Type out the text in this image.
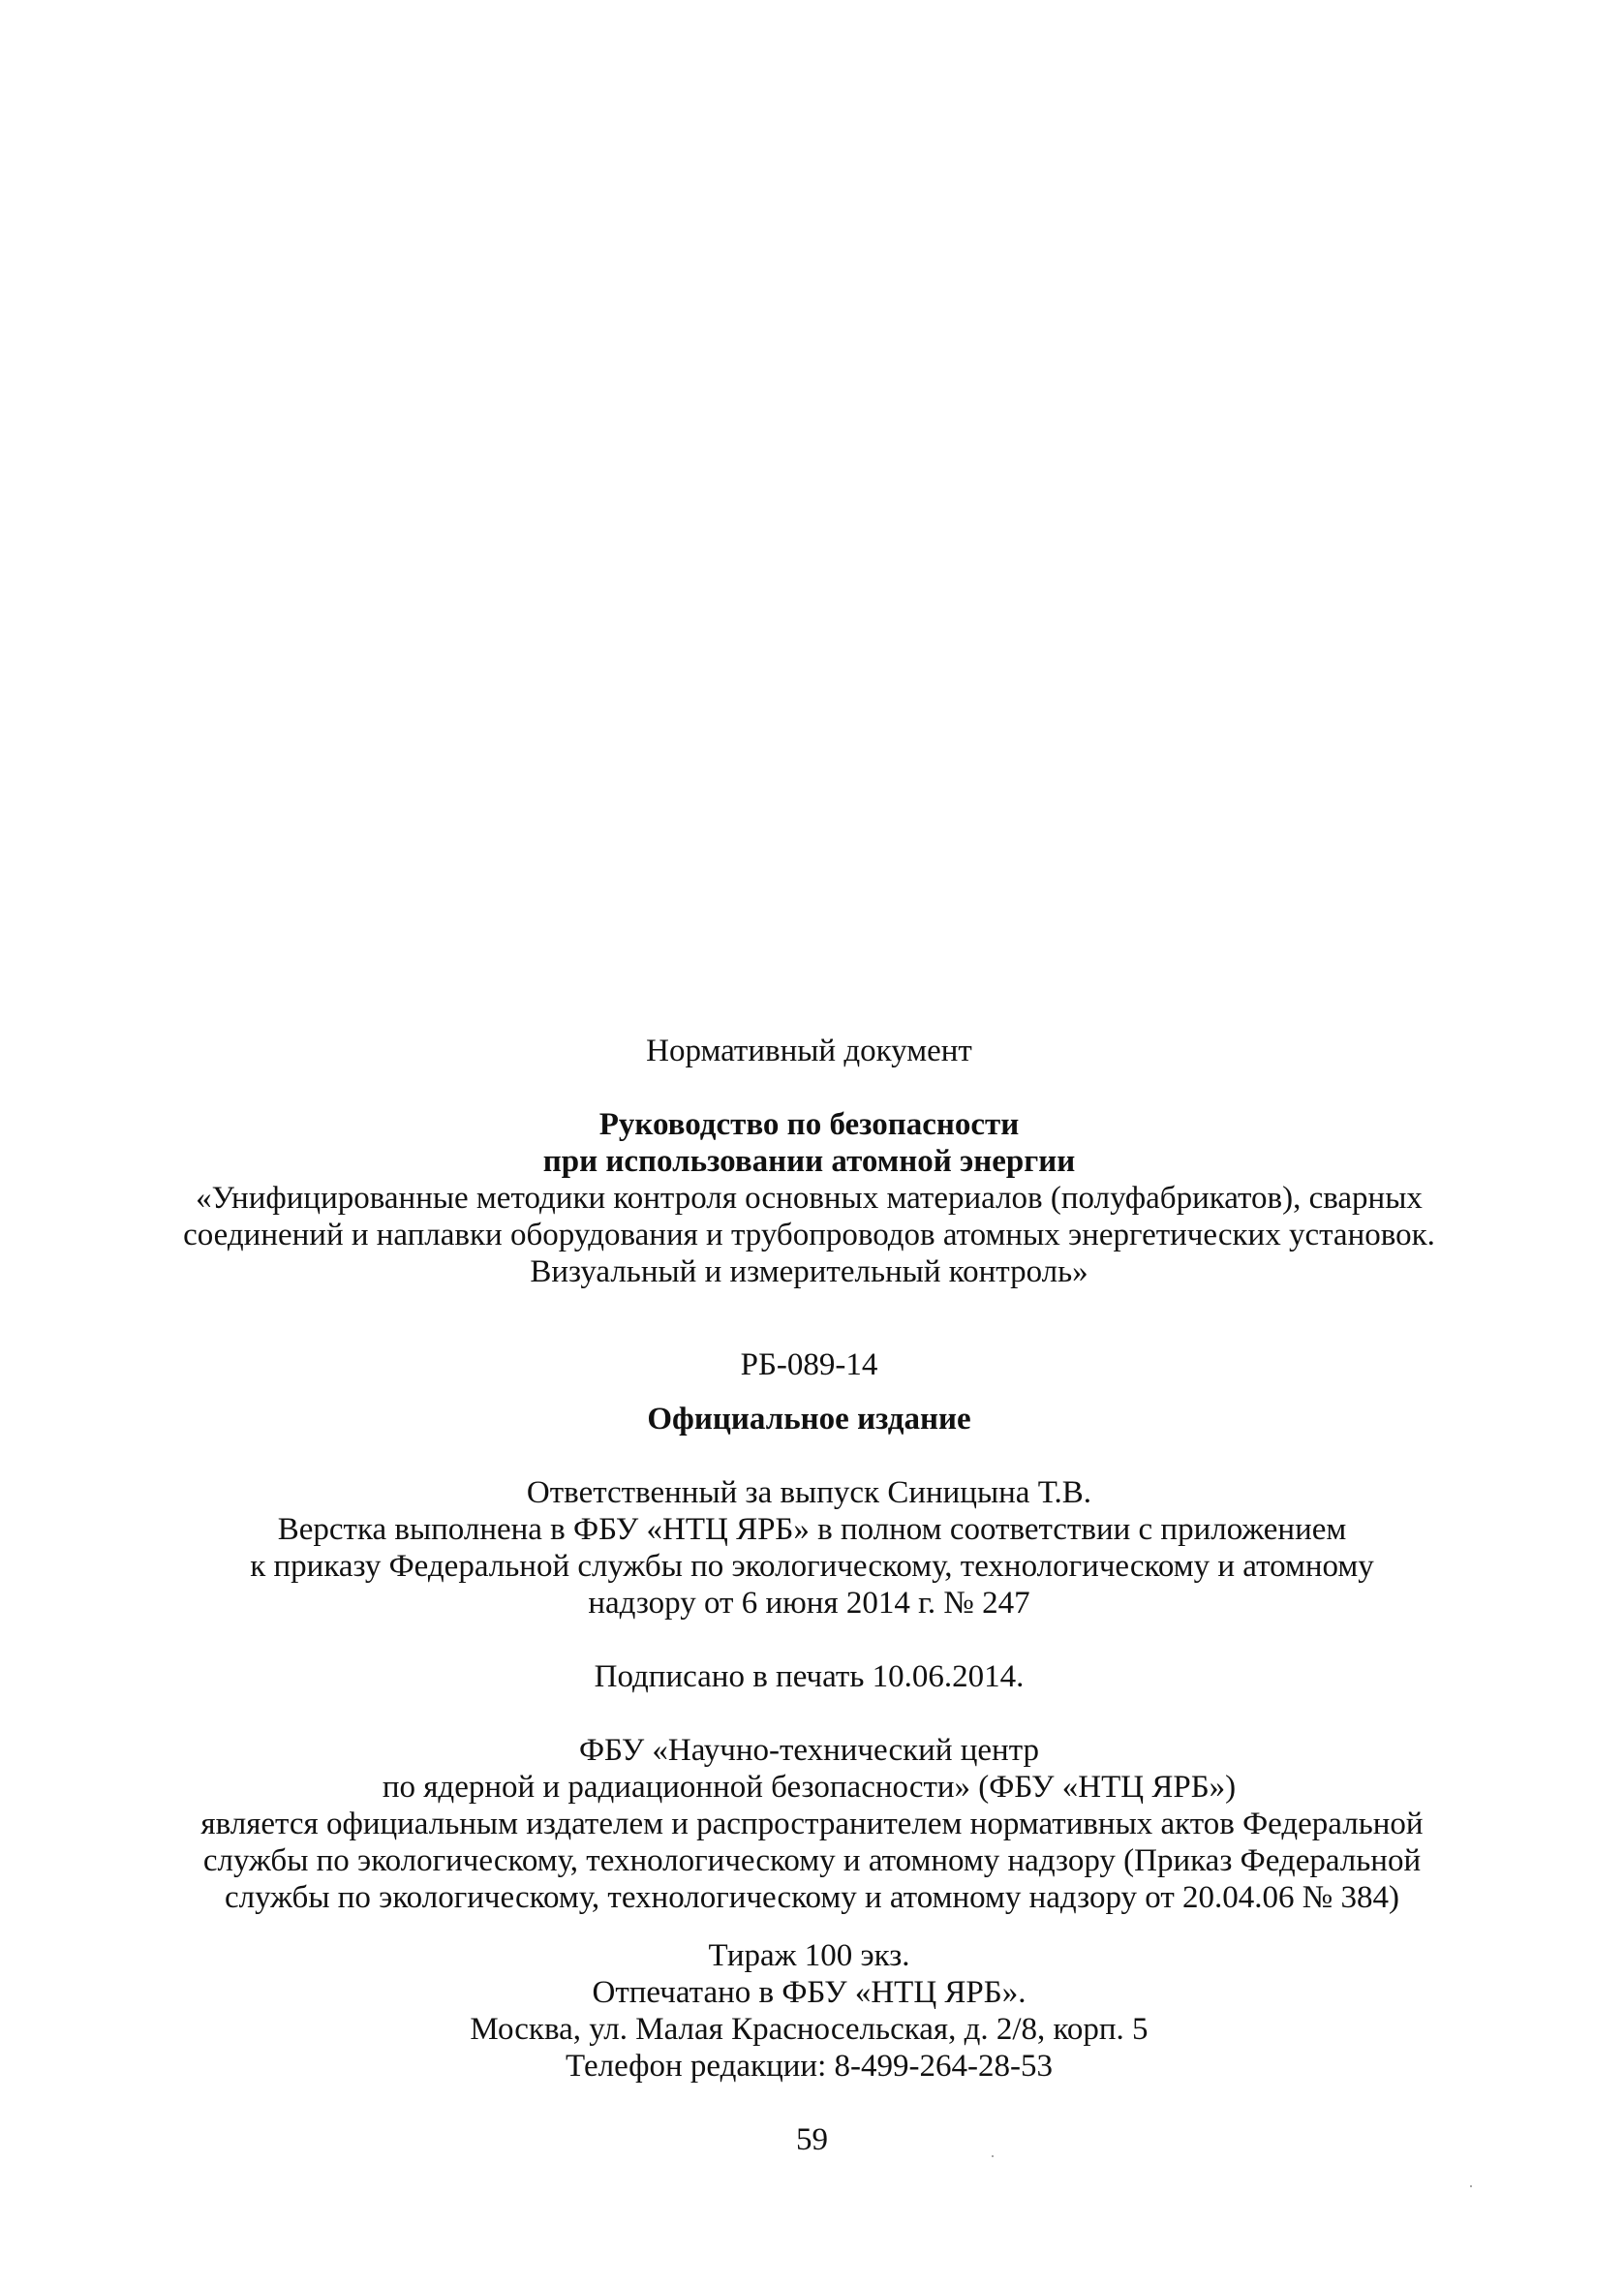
Нормативный документ
Руководство по безопасности
при использовании атомной энергии
«Унифицированные методики контроля основных материалов (полуфабрикатов), сварных
соединений и наплавки оборудования и трубопроводов атомных энергетических установок.
Визуальный и измерительный контроль»
РБ-089-14
Официальное издание
Ответственный за выпуск Синицына Т.В.
Верстка выполнена в ФБУ «НТЦ ЯРБ» в полном соответствии с приложением
к приказу Федеральной службы по экологическому, технологическому и атомному
надзору от 6 июня 2014 г. № 247
Подписано в печать 10.06.2014.
ФБУ «Научно-технический центр
по ядерной и радиационной безопасности» (ФБУ «НТЦ ЯРБ»)
является официальным издателем и распространителем нормативных актов Федеральной
службы по экологическому, технологическому и атомному надзору (Приказ Федеральной
службы по экологическому, технологическому и атомному надзору от 20.04.06 № 384)
Тираж 100 экз.
Отпечатано в ФБУ «НТЦ ЯРБ».
Москва, ул. Малая Красносельская, д. 2/8, корп. 5
Телефон редакции: 8-499-264-28-53
59
